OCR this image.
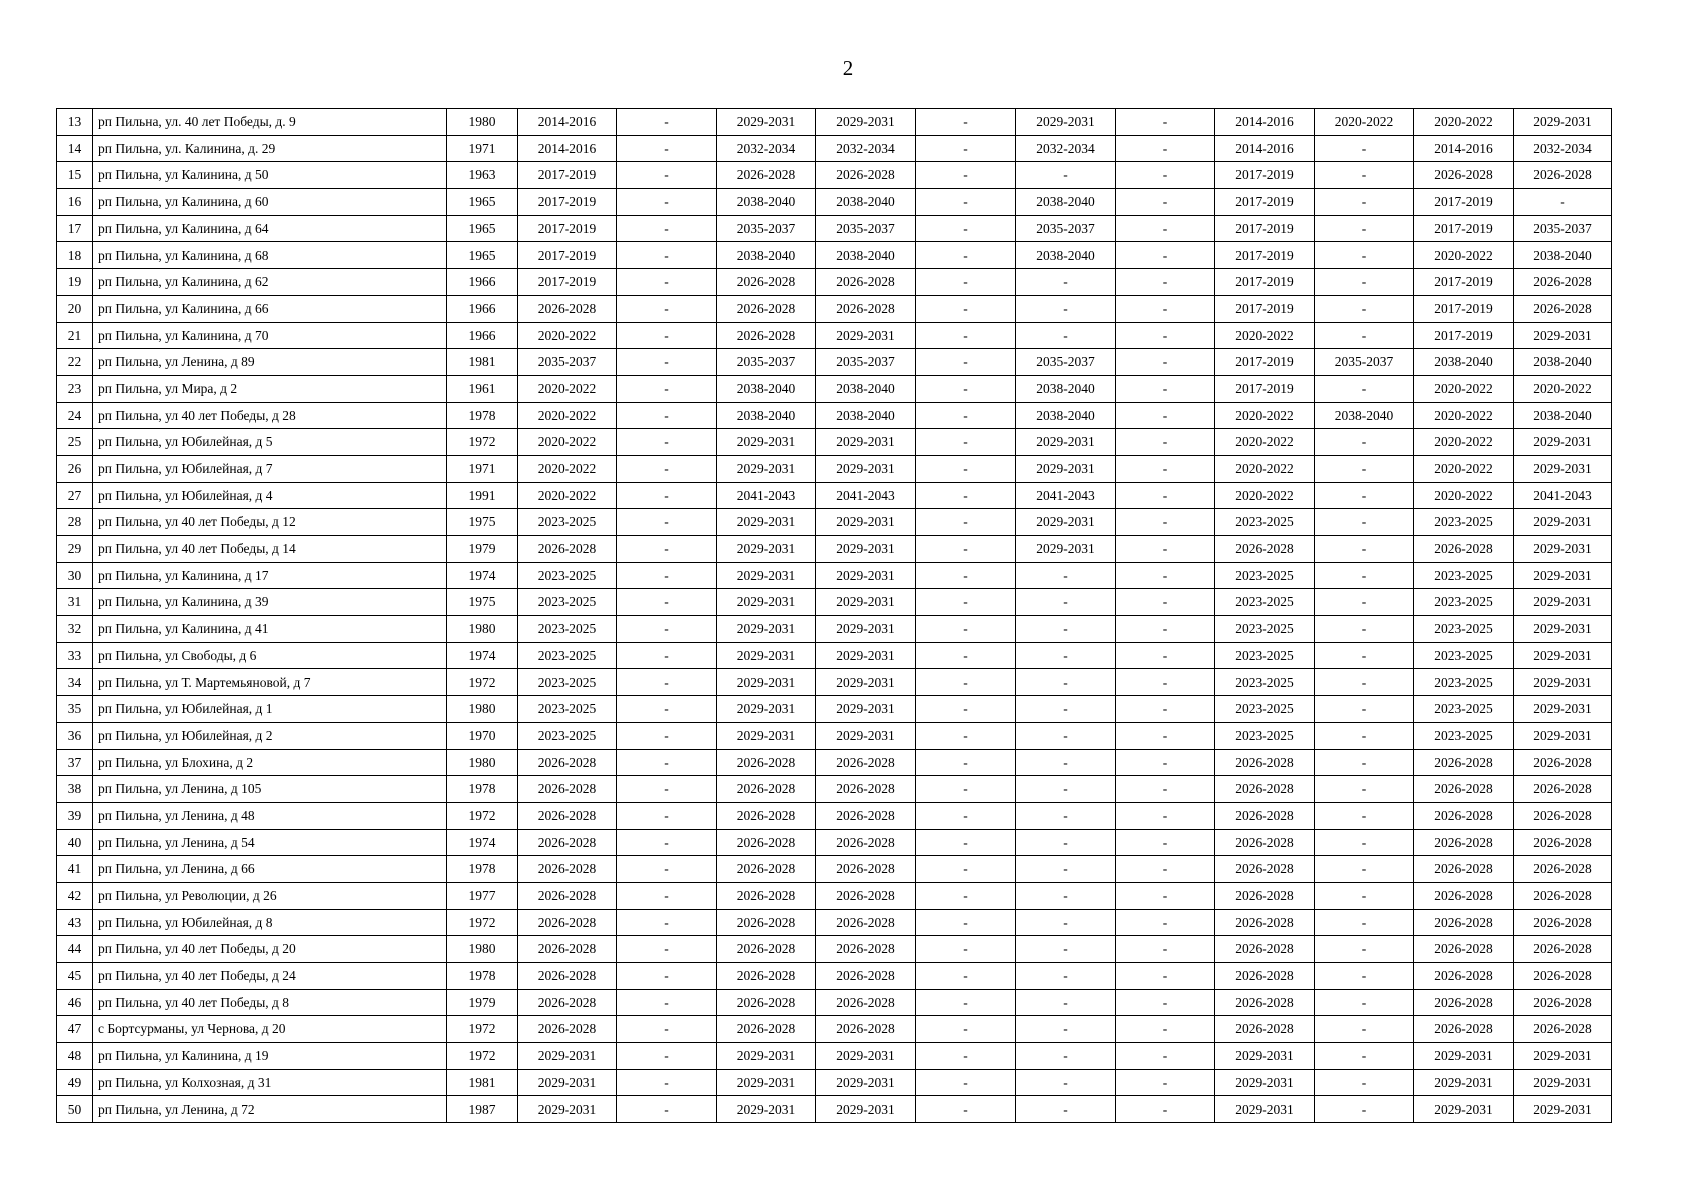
2
13	рп Пильна, ул. 40 лет Победы, д. 9	1980	2014-2016	-	2029-2031	2029-2031	-	2029-2031	-	2014-2016	2020-2022	2020-2022	2029-2031
14	рп Пильна, ул. Калинина, д. 29	1971	2014-2016	-	2032-2034	2032-2034	-	2032-2034	-	2014-2016	-	2014-2016	2032-2034
15	рп Пильна, ул Калинина, д 50	1963	2017-2019	-	2026-2028	2026-2028	-	-	-	2017-2019	-	2026-2028	2026-2028
16	рп Пильна, ул Калинина, д 60	1965	2017-2019	-	2038-2040	2038-2040	-	2038-2040	-	2017-2019	-	2017-2019	-
17	рп Пильна, ул Калинина, д 64	1965	2017-2019	-	2035-2037	2035-2037	-	2035-2037	-	2017-2019	-	2017-2019	2035-2037
18	рп Пильна, ул Калинина, д 68	1965	2017-2019	-	2038-2040	2038-2040	-	2038-2040	-	2017-2019	-	2020-2022	2038-2040
19	рп Пильна, ул Калинина, д 62	1966	2017-2019	-	2026-2028	2026-2028	-	-	-	2017-2019	-	2017-2019	2026-2028
20	рп Пильна, ул Калинина, д 66	1966	2026-2028	-	2026-2028	2026-2028	-	-	-	2017-2019	-	2017-2019	2026-2028
21	рп Пильна, ул Калинина, д 70	1966	2020-2022	-	2026-2028	2029-2031	-	-	-	2020-2022	-	2017-2019	2029-2031
22	рп Пильна, ул Ленина, д 89	1981	2035-2037	-	2035-2037	2035-2037	-	2035-2037	-	2017-2019	2035-2037	2038-2040	2038-2040
23	рп Пильна, ул Мира, д 2	1961	2020-2022	-	2038-2040	2038-2040	-	2038-2040	-	2017-2019	-	2020-2022	2020-2022
24	рп Пильна, ул 40 лет Победы, д 28	1978	2020-2022	-	2038-2040	2038-2040	-	2038-2040	-	2020-2022	2038-2040	2020-2022	2038-2040
25	рп Пильна, ул Юбилейная, д 5	1972	2020-2022	-	2029-2031	2029-2031	-	2029-2031	-	2020-2022	-	2020-2022	2029-2031
26	рп Пильна, ул Юбилейная, д 7	1971	2020-2022	-	2029-2031	2029-2031	-	2029-2031	-	2020-2022	-	2020-2022	2029-2031
27	рп Пильна, ул Юбилейная, д 4	1991	2020-2022	-	2041-2043	2041-2043	-	2041-2043	-	2020-2022	-	2020-2022	2041-2043
28	рп Пильна, ул 40 лет Победы, д 12	1975	2023-2025	-	2029-2031	2029-2031	-	2029-2031	-	2023-2025	-	2023-2025	2029-2031
29	рп Пильна, ул 40 лет Победы, д 14	1979	2026-2028	-	2029-2031	2029-2031	-	2029-2031	-	2026-2028	-	2026-2028	2029-2031
30	рп Пильна, ул Калинина, д 17	1974	2023-2025	-	2029-2031	2029-2031	-	-	-	2023-2025	-	2023-2025	2029-2031
31	рп Пильна, ул Калинина, д 39	1975	2023-2025	-	2029-2031	2029-2031	-	-	-	2023-2025	-	2023-2025	2029-2031
32	рп Пильна, ул Калинина, д 41	1980	2023-2025	-	2029-2031	2029-2031	-	-	-	2023-2025	-	2023-2025	2029-2031
33	рп Пильна, ул Свободы, д 6	1974	2023-2025	-	2029-2031	2029-2031	-	-	-	2023-2025	-	2023-2025	2029-2031
34	рп Пильна, ул Т. Мартемьяновой, д 7	1972	2023-2025	-	2029-2031	2029-2031	-	-	-	2023-2025	-	2023-2025	2029-2031
35	рп Пильна, ул Юбилейная, д 1	1980	2023-2025	-	2029-2031	2029-2031	-	-	-	2023-2025	-	2023-2025	2029-2031
36	рп Пильна, ул Юбилейная, д 2	1970	2023-2025	-	2029-2031	2029-2031	-	-	-	2023-2025	-	2023-2025	2029-2031
37	рп Пильна, ул Блохина, д 2	1980	2026-2028	-	2026-2028	2026-2028	-	-	-	2026-2028	-	2026-2028	2026-2028
38	рп Пильна, ул Ленина, д 105	1978	2026-2028	-	2026-2028	2026-2028	-	-	-	2026-2028	-	2026-2028	2026-2028
39	рп Пильна, ул Ленина, д 48	1972	2026-2028	-	2026-2028	2026-2028	-	-	-	2026-2028	-	2026-2028	2026-2028
40	рп Пильна, ул Ленина, д 54	1974	2026-2028	-	2026-2028	2026-2028	-	-	-	2026-2028	-	2026-2028	2026-2028
41	рп Пильна, ул Ленина, д 66	1978	2026-2028	-	2026-2028	2026-2028	-	-	-	2026-2028	-	2026-2028	2026-2028
42	рп Пильна, ул Революции, д 26	1977	2026-2028	-	2026-2028	2026-2028	-	-	-	2026-2028	-	2026-2028	2026-2028
43	рп Пильна, ул Юбилейная, д 8	1972	2026-2028	-	2026-2028	2026-2028	-	-	-	2026-2028	-	2026-2028	2026-2028
44	рп Пильна, ул 40 лет Победы, д 20	1980	2026-2028	-	2026-2028	2026-2028	-	-	-	2026-2028	-	2026-2028	2026-2028
45	рп Пильна, ул 40 лет Победы, д 24	1978	2026-2028	-	2026-2028	2026-2028	-	-	-	2026-2028	-	2026-2028	2026-2028
46	рп Пильна, ул 40 лет Победы, д 8	1979	2026-2028	-	2026-2028	2026-2028	-	-	-	2026-2028	-	2026-2028	2026-2028
47	с Бортсурманы, ул Чернова, д 20	1972	2026-2028	-	2026-2028	2026-2028	-	-	-	2026-2028	-	2026-2028	2026-2028
48	рп Пильна, ул Калинина, д 19	1972	2029-2031	-	2029-2031	2029-2031	-	-	-	2029-2031	-	2029-2031	2029-2031
49	рп Пильна, ул Колхозная, д 31	1981	2029-2031	-	2029-2031	2029-2031	-	-	-	2029-2031	-	2029-2031	2029-2031
50	рп Пильна, ул Ленина, д 72	1987	2029-2031	-	2029-2031	2029-2031	-	-	-	2029-2031	-	2029-2031	2029-2031
